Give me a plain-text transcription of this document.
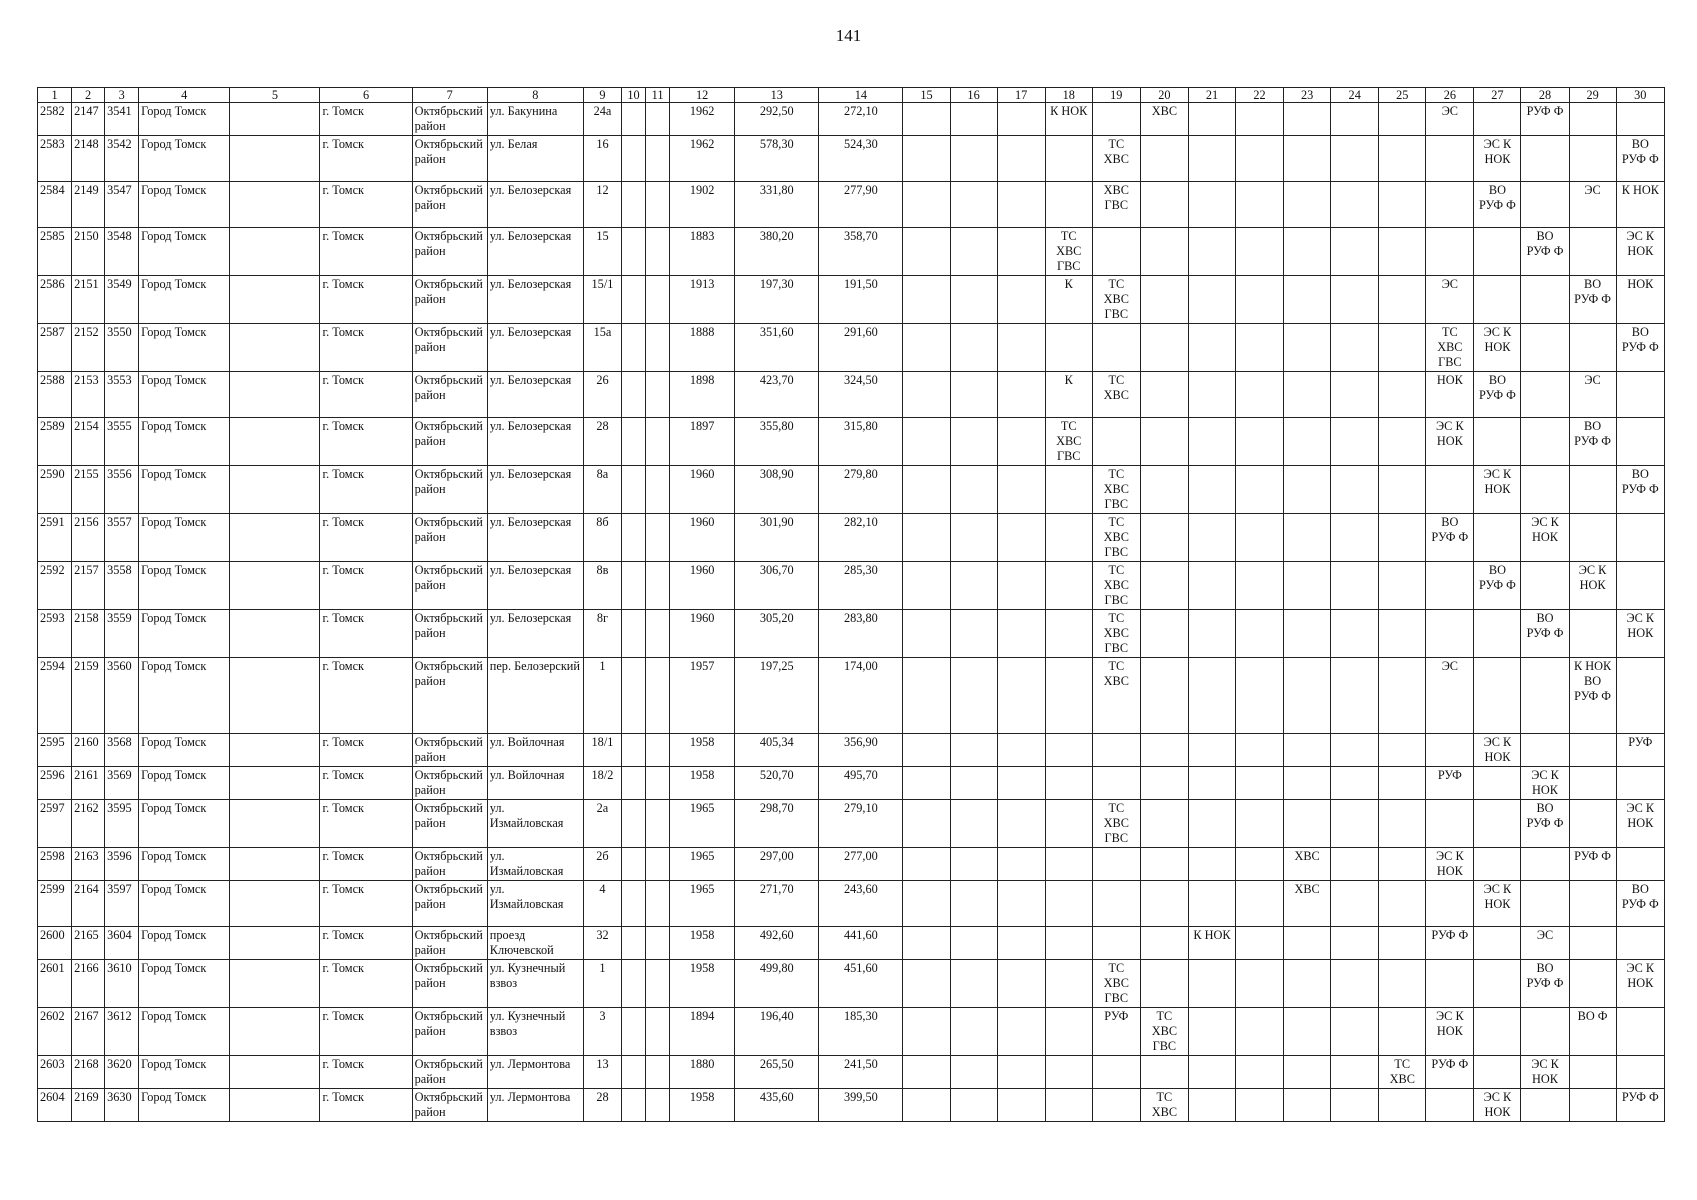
141
1	2	3	4	5	6	7	8	9	10	11	12	13	14	15	16	17	18	19	20	21	22	23	24	25	26	27	28	29	30
2582	2147	3541	Город Томск		г. Томск	Октябрьский район	ул. Бакунина	24а			1962	292,50	272,10				К НОК		ХВС						ЭС		РУФ Ф		
2583	2148	3542	Город Томск		г. Томск	Октябрьский район	ул. Белая	16			1962	578,30	524,30					ТС ХВС								ЭС К НОК			ВО РУФ Ф
2584	2149	3547	Город Томск		г. Томск	Октябрьский район	ул. Белозерская	12			1902	331,80	277,90					ХВС ГВС								ВО РУФ Ф		ЭС	К НОК
2585	2150	3548	Город Томск		г. Томск	Октябрьский район	ул. Белозерская	15			1883	380,20	358,70				ТС ХВС ГВС										ВО РУФ Ф		ЭС К НОК
2586	2151	3549	Город Томск		г. Томск	Октябрьский район	ул. Белозерская	15/1			1913	197,30	191,50				К	ТС ХВС ГВС							ЭС			ВО РУФ Ф	НОК
2587	2152	3550	Город Томск		г. Томск	Октябрьский район	ул. Белозерская	15а			1888	351,60	291,60												ТС ХВС ГВС	ЭС К НОК			ВО РУФ Ф
2588	2153	3553	Город Томск		г. Томск	Октябрьский район	ул. Белозерская	26			1898	423,70	324,50				К	ТС ХВС							НОК	ВО РУФ Ф		ЭС	
2589	2154	3555	Город Томск		г. Томск	Октябрьский район	ул. Белозерская	28			1897	355,80	315,80				ТС ХВС ГВС								ЭС К НОК			ВО РУФ Ф	
2590	2155	3556	Город Томск		г. Томск	Октябрьский район	ул. Белозерская	8а			1960	308,90	279,80					ТС ХВС ГВС								ЭС К НОК			ВО РУФ Ф
2591	2156	3557	Город Томск		г. Томск	Октябрьский район	ул. Белозерская	8б			1960	301,90	282,10					ТС ХВС ГВС							ВО РУФ Ф		ЭС К НОК		
2592	2157	3558	Город Томск		г. Томск	Октябрьский район	ул. Белозерская	8в			1960	306,70	285,30					ТС ХВС ГВС								ВО РУФ Ф		ЭС К НОК	
2593	2158	3559	Город Томск		г. Томск	Октябрьский район	ул. Белозерская	8г			1960	305,20	283,80					ТС ХВС ГВС									ВО РУФ Ф		ЭС К НОК
2594	2159	3560	Город Томск		г. Томск	Октябрьский район	пер. Белозерский	1			1957	197,25	174,00					ТС ХВС							ЭС			К НОК ВО РУФ Ф	
2595	2160	3568	Город Томск		г. Томск	Октябрьский район	ул. Войлочная	18/1			1958	405,34	356,90													ЭС К НОК			РУФ
2596	2161	3569	Город Томск		г. Томск	Октябрьский район	ул. Войлочная	18/2			1958	520,70	495,70												РУФ		ЭС К НОК		
2597	2162	3595	Город Томск		г. Томск	Октябрьский район	ул. Измайловская	2а			1965	298,70	279,10					ТС ХВС ГВС									ВО РУФ Ф		ЭС К НОК
2598	2163	3596	Город Томск		г. Томск	Октябрьский район	ул. Измайловская	2б			1965	297,00	277,00									ХВС			ЭС К НОК			РУФ Ф	
2599	2164	3597	Город Томск		г. Томск	Октябрьский район	ул. Измайловская	4			1965	271,70	243,60									ХВС				ЭС К НОК			ВО РУФ Ф
2600	2165	3604	Город Томск		г. Томск	Октябрьский район	проезд Ключевской	32			1958	492,60	441,60							К НОК					РУФ Ф		ЭС		
2601	2166	3610	Город Томск		г. Томск	Октябрьский район	ул. Кузнечный взвоз	1			1958	499,80	451,60					ТС ХВС ГВС									ВО РУФ Ф		ЭС К НОК
2602	2167	3612	Город Томск		г. Томск	Октябрьский район	ул. Кузнечный взвоз	3			1894	196,40	185,30					РУФ	ТС ХВС ГВС						ЭС К НОК			ВО Ф	
2603	2168	3620	Город Томск		г. Томск	Октябрьский район	ул. Лермонтова	13			1880	265,50	241,50											ТС ХВС	РУФ Ф		ЭС К НОК		
2604	2169	3630	Город Томск		г. Томск	Октябрьский район	ул. Лермонтова	28			1958	435,60	399,50						ТС ХВС							ЭС К НОК			РУФ Ф
